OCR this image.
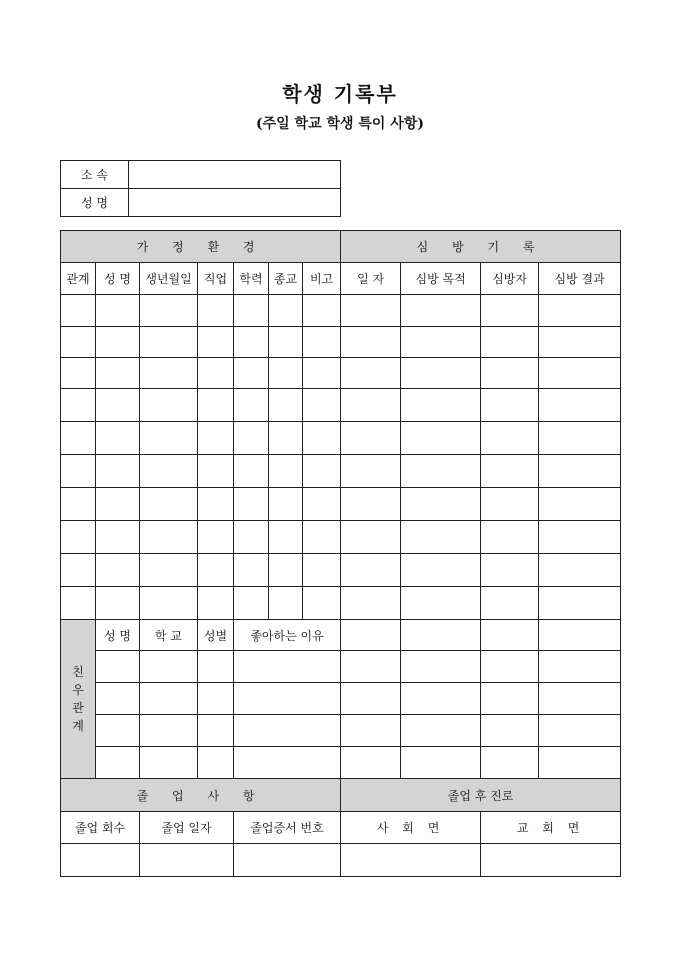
학생 기록부
(주일 학교 학생 특이 사항)
소 속	
성 명	
가 정 환 경							심 방 기 록			
관계	성 명	생년월일	직업	학력	종교	비고	일 자	심방 목적	심방자	심방 결과

친우관계	성 명	학 교	성별	좋아하는 이유						

졸 업 사 항							졸업 후 진로			
졸업 회수		졸업 일자		졸업증서 번호			사 회 면		교 회 면	
